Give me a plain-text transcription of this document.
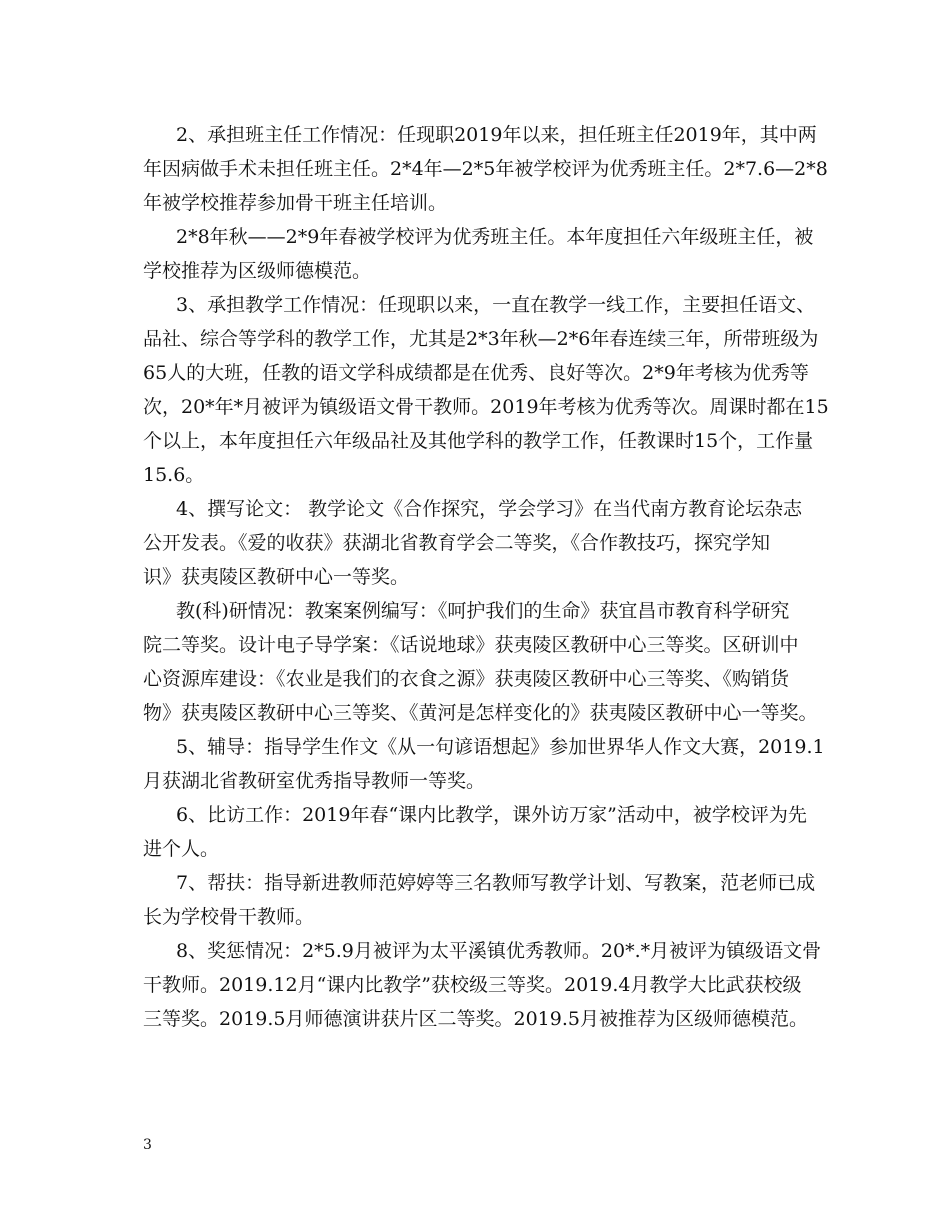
2、承担班主任工作情况：任现职2019年以来，担任班主任2019年，其中两
年因病做手术未担任班主任。2*4年—2*5年被学校评为优秀班主任。2*7.6—2*8
年被学校推荐参加骨干班主任培训。
2*8年秋——2*9年春被学校评为优秀班主任。本年度担任六年级班主任，被
学校推荐为区级师德模范。
3、承担教学工作情况：任现职以来，一直在教学一线工作，主要担任语文、
品社、综合等学科的教学工作，尤其是2*3年秋—2*6年春连续三年，所带班级为
65人的大班，任教的语文学科成绩都是在优秀、良好等次。2*9年考核为优秀等
次，20*年*月被评为镇级语文骨干教师。2019年考核为优秀等次。周课时都在15
个以上，本年度担任六年级品社及其他学科的教学工作，任教课时15个，工作量
15.6。
4、撰写论文： 教学论文《合作探究，学会学习》在当代南方教育论坛杂志
公开发表。《爱的收获》获湖北省教育学会二等奖，《合作教技巧，探究学知
识》获夷陵区教研中心一等奖。
教(科)研情况：教案案例编写：《呵护我们的生命》获宜昌市教育科学研究
院二等奖。设计电子导学案：《话说地球》获夷陵区教研中心三等奖。区研训中
心资源库建设：《农业是我们的衣食之源》获夷陵区教研中心三等奖、《购销货
物》获夷陵区教研中心三等奖、《黄河是怎样变化的》获夷陵区教研中心一等奖。
5、辅导：指导学生作文《从一句谚语想起》参加世界华人作文大赛，2019.1
月获湖北省教研室优秀指导教师一等奖。
6、比访工作：2019年春“课内比教学，课外访万家”活动中，被学校评为先
进个人。
7、帮扶：指导新进教师范婷婷等三名教师写教学计划、写教案，范老师已成
长为学校骨干教师。
8、奖惩情况：2*5.9月被评为太平溪镇优秀教师。20*.*月被评为镇级语文骨
干教师。2019.12月“课内比教学”获校级三等奖。2019.4月教学大比武获校级
三等奖。2019.5月师德演讲获片区二等奖。2019.5月被推荐为区级师德模范。
3
